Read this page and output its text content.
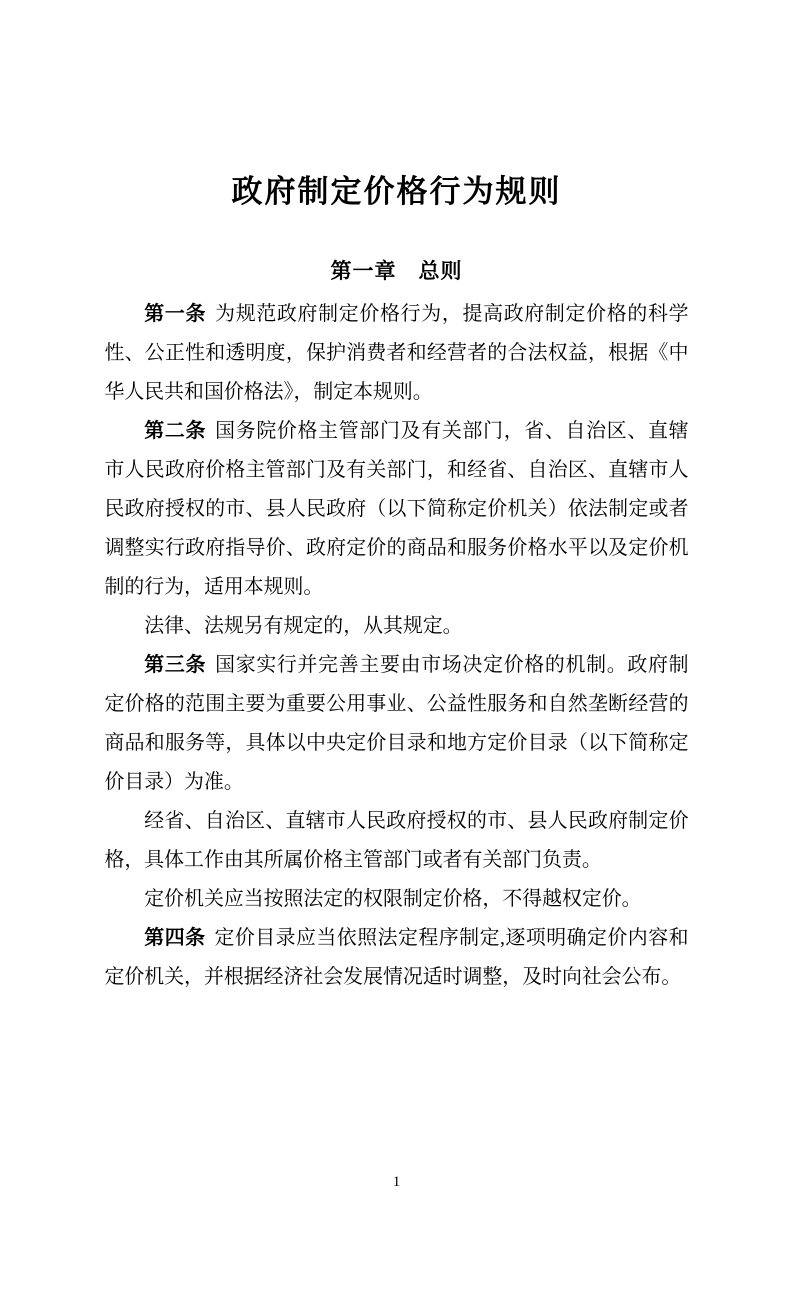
政府制定价格行为规则
第一章　总则

第一条 为规范政府制定价格行为，提高政府制定价格的科学性、公正性和透明度，保护消费者和经营者的合法权益，根据《中华人民共和国价格法》，制定本规则。

第二条 国务院价格主管部门及有关部门，省、自治区、直辖市人民政府价格主管部门及有关部门，和经省、自治区、直辖市人民政府授权的市、县人民政府（以下简称定价机关）依法制定或者调整实行政府指导价、政府定价的商品和服务价格水平以及定价机制的行为，适用本规则。

法律、法规另有规定的，从其规定。

第三条 国家实行并完善主要由市场决定价格的机制。政府制定价格的范围主要为重要公用事业、公益性服务和自然垄断经营的商品和服务等，具体以中央定价目录和地方定价目录（以下简称定价目录）为准。

经省、自治区、直辖市人民政府授权的市、县人民政府制定价格，具体工作由其所属价格主管部门或者有关部门负责。

定价机关应当按照法定的权限制定价格，不得越权定价。

第四条 定价目录应当依照法定程序制定,逐项明确定价内容和定价机关，并根据经济社会发展情况适时调整，及时向社会公布。

1
